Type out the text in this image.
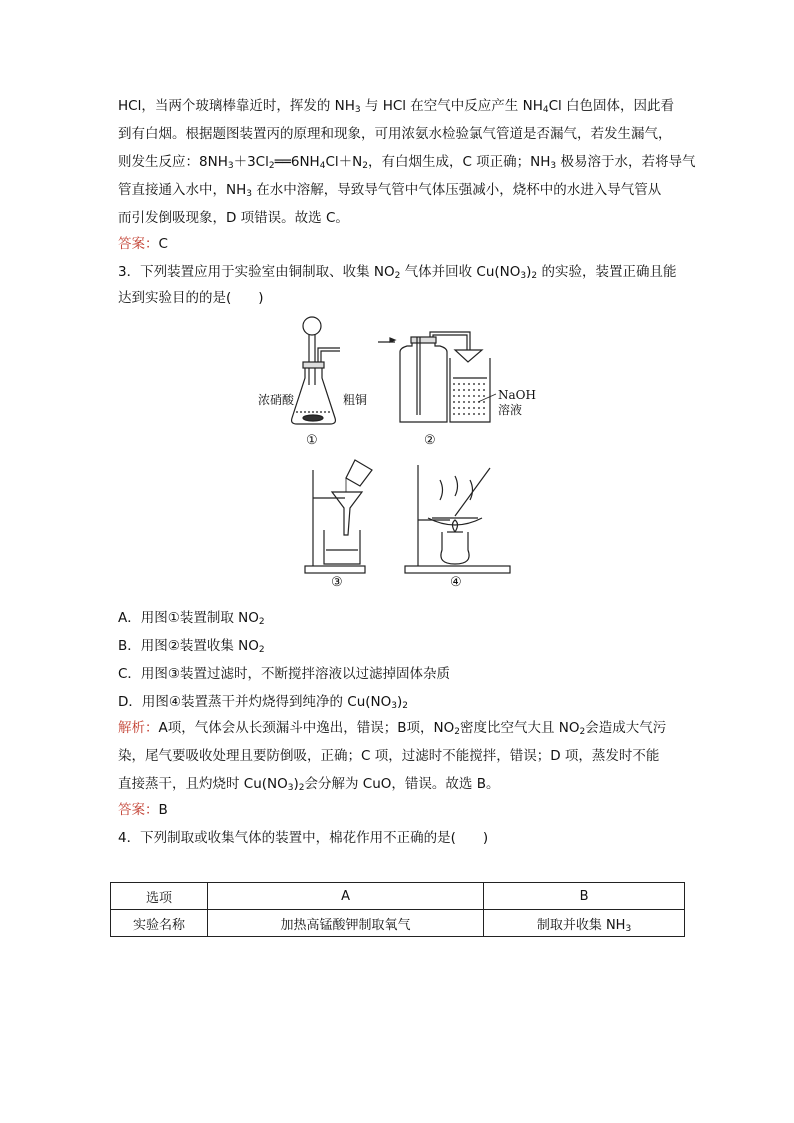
HCl，当两个玻璃棒靠近时，挥发的 $NH_3$ 与 HCl 在空气中反应产生 $NH_4Cl$ 白色固体，因此看
到有白烟。根据题图装置丙的原理和现象，可用浓氨水检验氯气管道是否漏气，若发生漏气，
则发生反应：$8NH_3+3Cl_2══6NH_4Cl+N_2$，有白烟生成，C 项正确；$NH_3$ 极易溶于水，若将导气
管直接通入水中，$NH_3$ 在水中溶解，导致导气管中气体压强减小，烧杯中的水进入导气管从
而引发倒吸现象，D 项错误。故选 C。
答案：C
3．下列装置应用于实验室由铜制取、收集 $NO_2$ 气体并回收 $Cu(NO_3)_2$ 的实验，装置正确且能
达到实验目的的是(　　)
浓硝酸	粗铜	NaOH
溶液
①	②
③	④
A．用图①装置制取 $NO_2$
B．用图②装置收集 $NO_2$
C．用图③装置过滤时，不断搅拌溶液以过滤掉固体杂质
D．用图④装置蒸干并灼烧得到纯净的 $Cu(NO_3)_2$
解析：A项，气体会从长颈漏斗中逸出，错误；B项，$NO_2$密度比空气大且 $NO_2$会造成大气污
染，尾气要吸收处理且要防倒吸，正确；C 项，过滤时不能搅拌，错误；D 项，蒸发时不能
直接蒸干，且灼烧时 $Cu(NO_3)_2$会分解为 CuO，错误。故选 B。
答案：B
4．下列制取或收集气体的装置中，棉花作用不正确的是(　　)
选项	A	B
实验名称	加热高锰酸钾制取氧气	制取并收集 $NH_3$
